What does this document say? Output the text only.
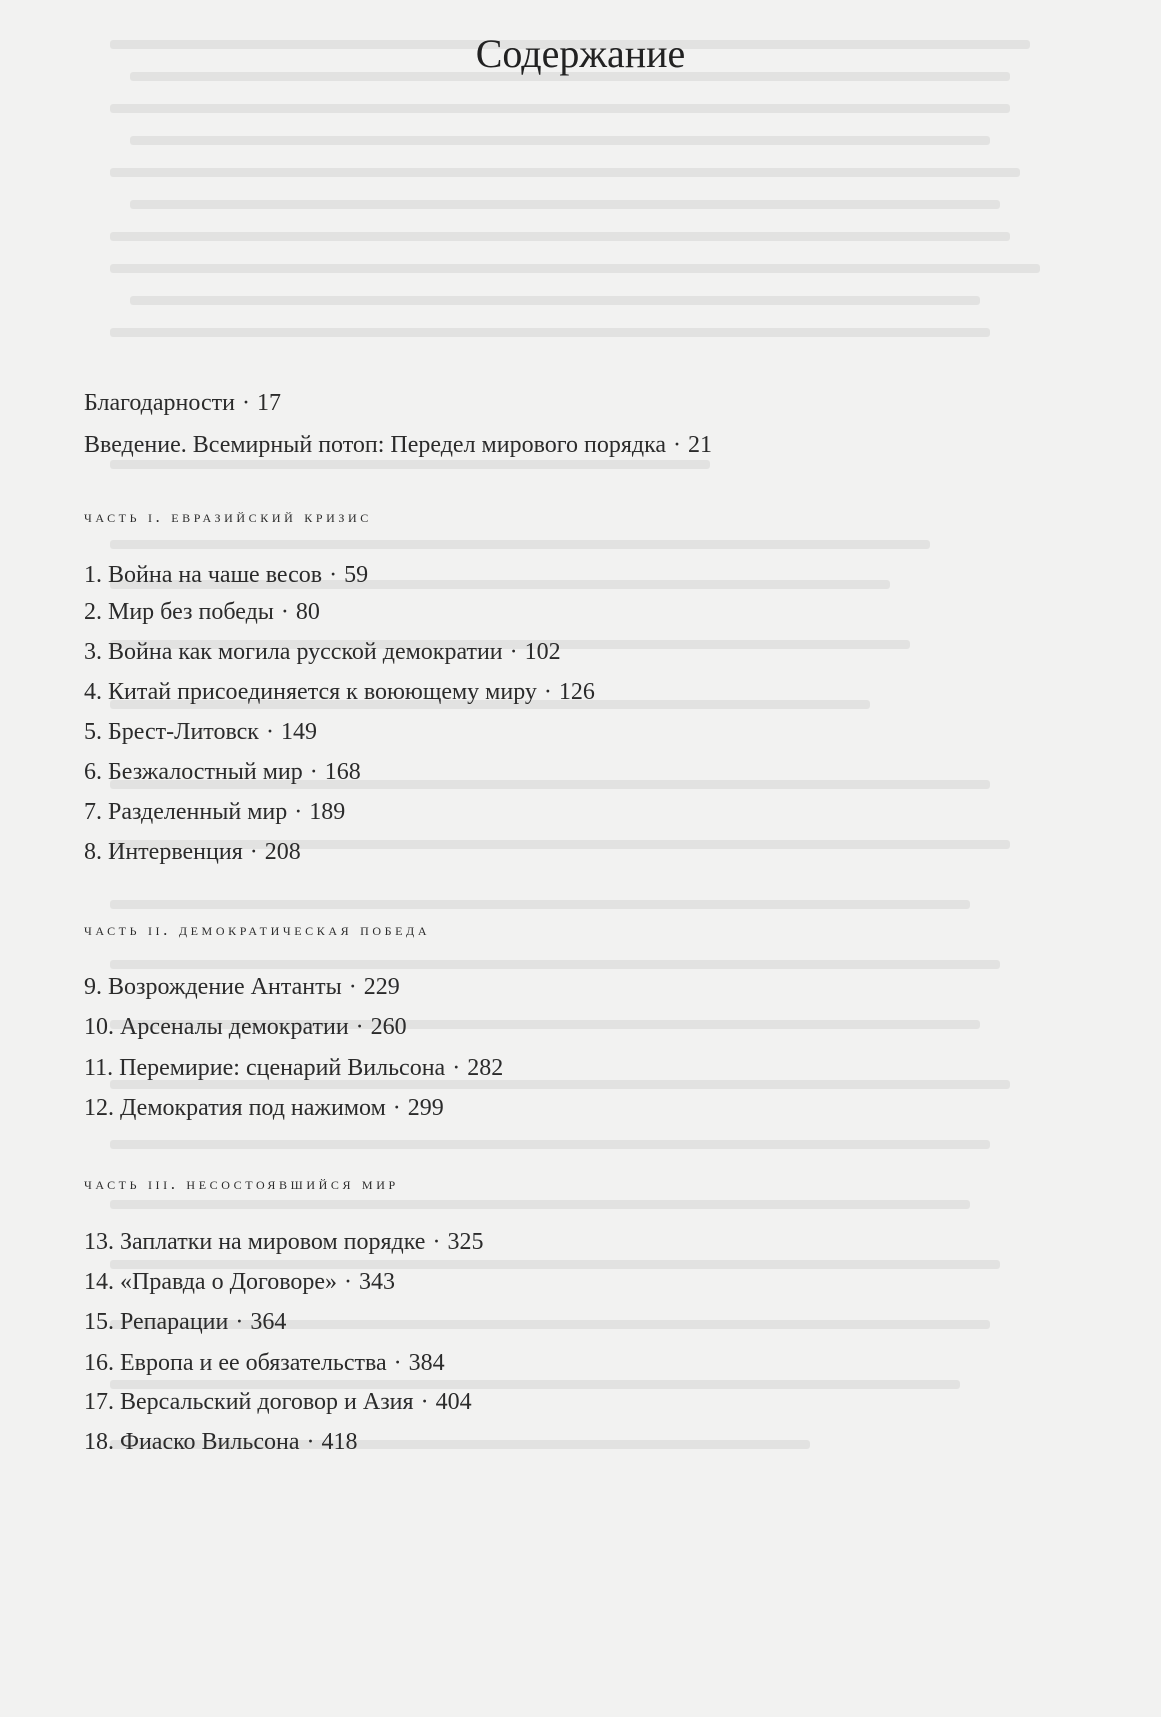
Содержание
Благодарности · 17
Введение. Всемирный потоп: Передел мирового порядка · 21
часть i. евразийский кризис
1. Война на чаше весов · 59
2. Мир без победы · 80
3. Война как могила русской демократии · 102
4. Китай присоединяется к воюющему миру · 126
5. Брест-Литовск · 149
6. Безжалостный мир · 168
7. Разделенный мир · 189
8. Интервенция · 208
часть ii. демократическая победа
9. Возрождение Антанты · 229
10. Арсеналы демократии · 260
11. Перемирие: сценарий Вильсона · 282
12. Демократия под нажимом · 299
часть iii. несостоявшийся мир
13. Заплатки на мировом порядке · 325
14. «Правда о Договоре» · 343
15. Репарации · 364
16. Европа и ее обязательства · 384
17. Версальский договор и Азия · 404
18. Фиаско Вильсона · 418
